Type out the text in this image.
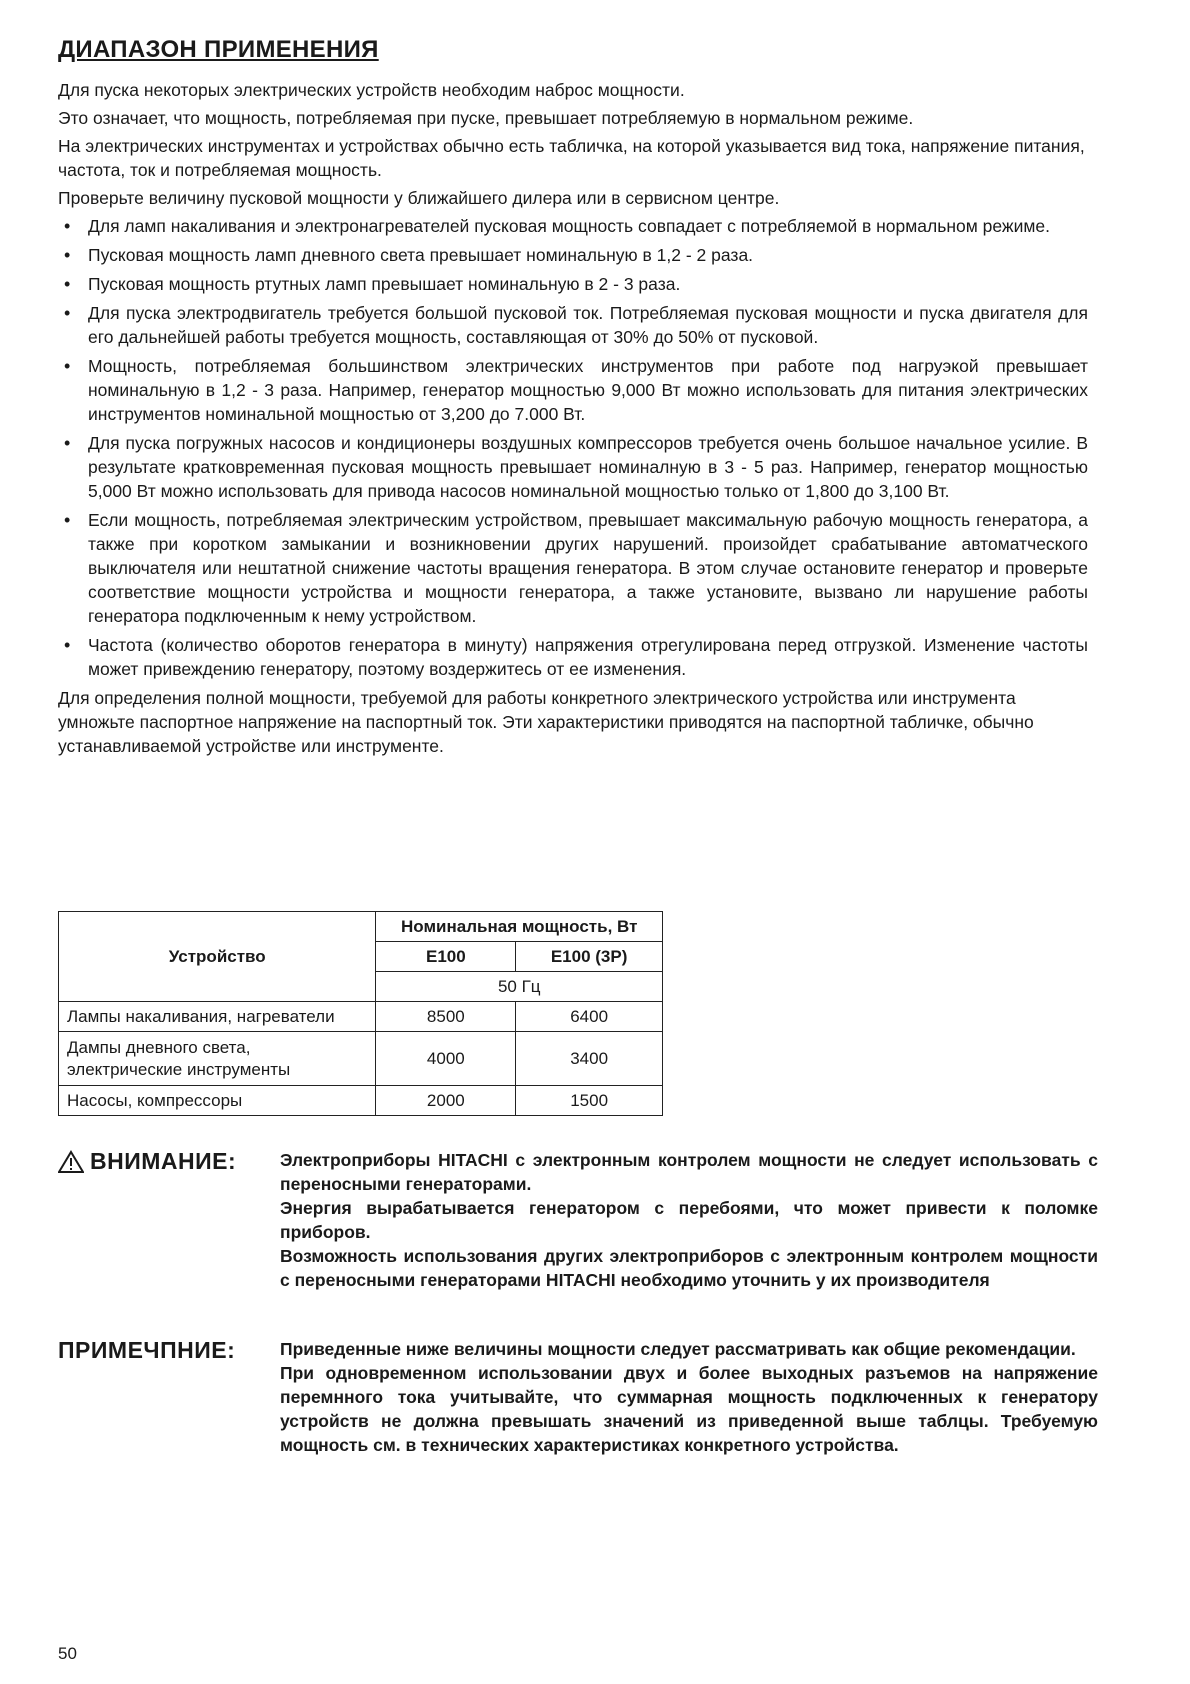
ДИАПАЗОН ПРИМЕНЕНИЯ

Для пуска некоторых электрических устройств необходим наброс мощности.

Это означает, что мощность, потребляемая при пуске, превышает потребляемую в нормальном режиме.

На электрических инструментах и устройствах обычно есть табличка, на которой указывается вид тока, напряжение питания, частота, ток и потребляемая мощность.

Проверьте величину пусковой мощности у ближайшего дилера или в сервисном центре.

• Для ламп накаливания и электронагревателей пусковая мощность совпадает с потребляемой в нормальном режиме.
• Пусковая мощность ламп дневного света превышает номинальную в 1,2 - 2 раза.
• Пусковая мощность ртутных ламп превышает номинальную в 2 - 3 раза.
• Для пуска электродвигатель требуется большой пусковой ток. Потребляемая пусковая мощности и пуска двигателя для его дальнейшей работы требуется мощность, составляющая от 30% до 50% от пусковой.
• Мощность, потребляемая большинством электрических инструментов при работе под нагруэкой превышает номинальную в 1,2 - 3 раза. Например, генератор мощностью 9,000 Вт можно использовать для питания электрических инструментов номинальной мощностью от 3,200 до 7.000 Вт.
• Для пуска погружных насосов и кондиционеры воздушных компрессоров требуется очень большое начальное усилие. В результате кратковременная пусковая мощность превышает номиналную в 3 - 5 раз. Например, генератор мощностью 5,000 Вт можно использовать для привода насосов номинальной мощностью только от 1,800 до 3,100 Вт.
• Если мощность, потребляемая электрическим устройством, превышает максимальную рабочую мощность генератора, а также при коротком замыкании и возникновении других нарушений. произойдет срабатывание автоматческого выключателя или нештатной снижение частоты вращения генератора. В этом случае остановите генератор и проверьте соответствие мощности устройства и мощности генератора, а также установите, вызвано ли нарушение работы генератора подключенным к нему устройством.
• Частота (количество оборотов генератора в минуту) напряжения отрегулирована перед отгрузкой. Изменение частоты может привеждению генератору, поэтому воздержитесь от ее изменения.

Для определения полной мощности, требуемой для работы конкретного электрического устройства или инструмента умножьте паспортное напряжение на паспортный ток. Эти характеристики приводятся на паспортной табличке, обычно устанавливаемой устройстве или инструменте.

Устройство	Номинальная мощность, Вт	
	E100	E100 (3P)
	50 Гц	
Лампы накаливания, нагреватели	8500	6400
Дампы дневного света, электрические инструменты	4000	3400
Насосы, компрессоры	2000	1500
ВНИМАНИЕ:	Электроприборы HITACHI с электронным контролем мощности не следует использовать с переносными генераторами.

Энергия вырабатывается генератором с перебоями, что может привести к поломке приборов.

Возможность использования других электроприборов с электронным контролем мощности с переносными генераторами HITACHI необходимо уточнить у их производителя

ПРИМЕЧПНИЕ:	Приведенные ниже величины мощности следует рассматривать как общие рекомендации.

При одновременном использовании двух и более выходных разъемов на напряжение перемнного тока учитывайте, что суммарная мощность подключенных к генератору устройств не должна превышать значений из приведенной выше таблцы. Требуемую мощность см. в технических характеристиках конкретного устройства.

50
